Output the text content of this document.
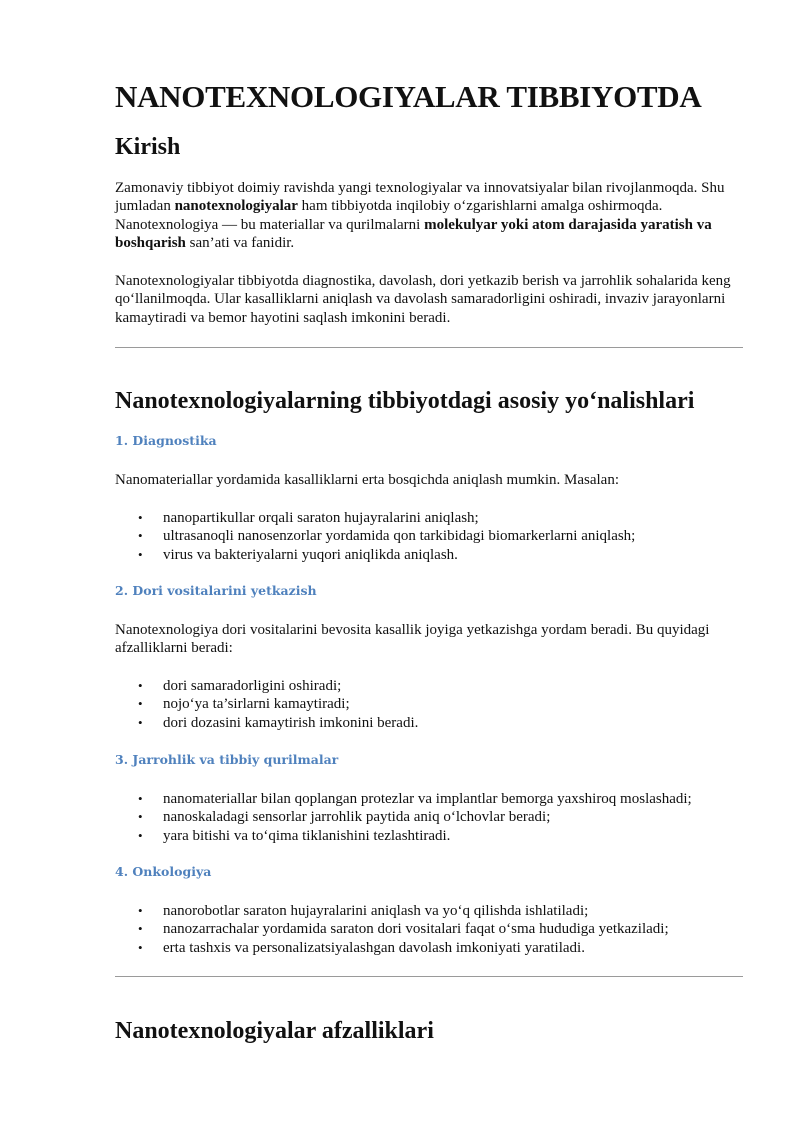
NANOTEXNOLOGIYALAR TIBBIYOTDA
Kirish
Zamonaviy tibbiyot doimiy ravishda yangi texnologiyalar va innovatsiyalar bilan rivojlanmoqda. Shu jumladan nanotexnologiyalar ham tibbiyotda inqilobiy o‘zgarishlarni amalga oshirmoqda. Nanotexnologiya — bu materiallar va qurilmalarni molekulyar yoki atom darajasida yaratish va boshqarish san’ati va fanidir.
Nanotexnologiyalar tibbiyotda diagnostika, davolash, dori yetkazib berish va jarrohlik sohalarida keng qo‘llanilmoqda. Ular kasalliklarni aniqlash va davolash samaradorligini oshiradi, invaziv jarayonlarni kamaytiradi va bemor hayotini saqlash imkonini beradi.
Nanotexnologiyalarning tibbiyotdagi asosiy yo‘nalishlari
1. Diagnostika
Nanomateriallar yordamida kasalliklarni erta bosqichda aniqlash mumkin. Masalan:
• nanopartikullar orqali saraton hujayralarini aniqlash;
• ultrasanoqli nanosenzorlar yordamida qon tarkibidagi biomarkerlarni aniqlash;
• virus va bakteriyalarni yuqori aniqlikda aniqlash.
2. Dori vositalarini yetkazish
Nanotexnologiya dori vositalarini bevosita kasallik joyiga yetkazishga yordam beradi. Bu quyidagi afzalliklarni beradi:
• dori samaradorligini oshiradi;
• nojo‘ya ta’sirlarni kamaytiradi;
• dori dozasini kamaytirish imkonini beradi.
3. Jarrohlik va tibbiy qurilmalar
• nanomateriallar bilan qoplangan protezlar va implantlar bemorga yaxshiroq moslashadi;
• nanoskaladagi sensorlar jarrohlik paytida aniq o‘lchovlar beradi;
• yara bitishi va to‘qima tiklanishini tezlashtiradi.
4. Onkologiya
• nanorobotlar saraton hujayralarini aniqlash va yo‘q qilishda ishlatiladi;
• nanozarrachalar yordamida saraton dori vositalari faqat o‘sma hududiga yetkaziladi;
• erta tashxis va personalizatsiyalashgan davolash imkoniyati yaratiladi.
Nanotexnologiyalar afzalliklari
